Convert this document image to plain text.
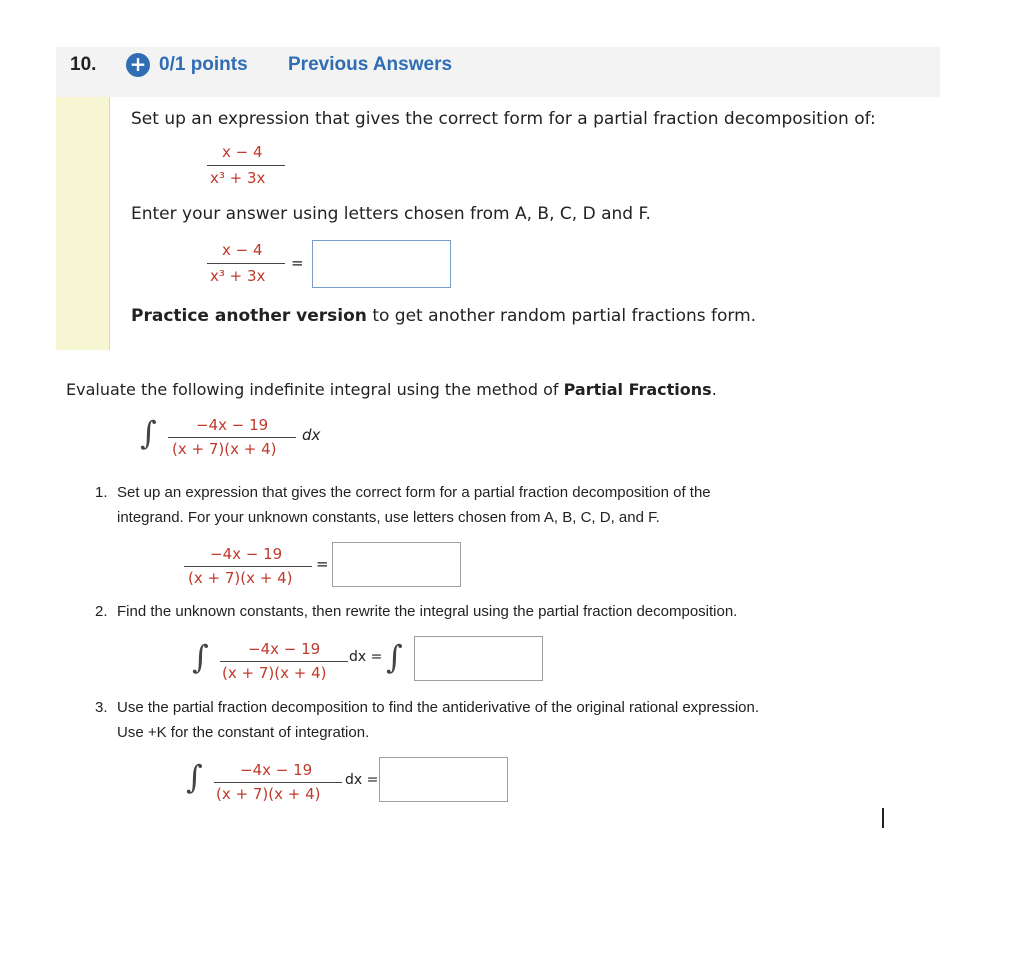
10. + 0/1 points Previous Answers
Set up an expression that gives the correct form for a partial fraction decomposition of:
x − 4
x³ + 3x
Enter your answer using letters chosen from A, B, C, D and F.
x − 4
x³ + 3x
=
Practice another version to get another random partial fractions form.
Evaluate the following indefinite integral using the method of Partial Fractions.
∫	−4x − 19
(x + 7)(x + 4)
dx
1. Set up an expression that gives the correct form for a partial fraction decomposition of the
integrand. For your unknown constants, use letters chosen from A, B, C, D, and F.
−4x − 19
(x + 7)(x + 4)
=
2. Find the unknown constants, then rewrite the integral using the partial fraction decomposition.
∫	−4x − 19
(x + 7)(x + 4)
dx = ∫
3. Use the partial fraction decomposition to find the antiderivative of the original rational expression.
Use +K for the constant of integration.
∫ −4x − 19
(x + 7)(x + 4)
dx =
